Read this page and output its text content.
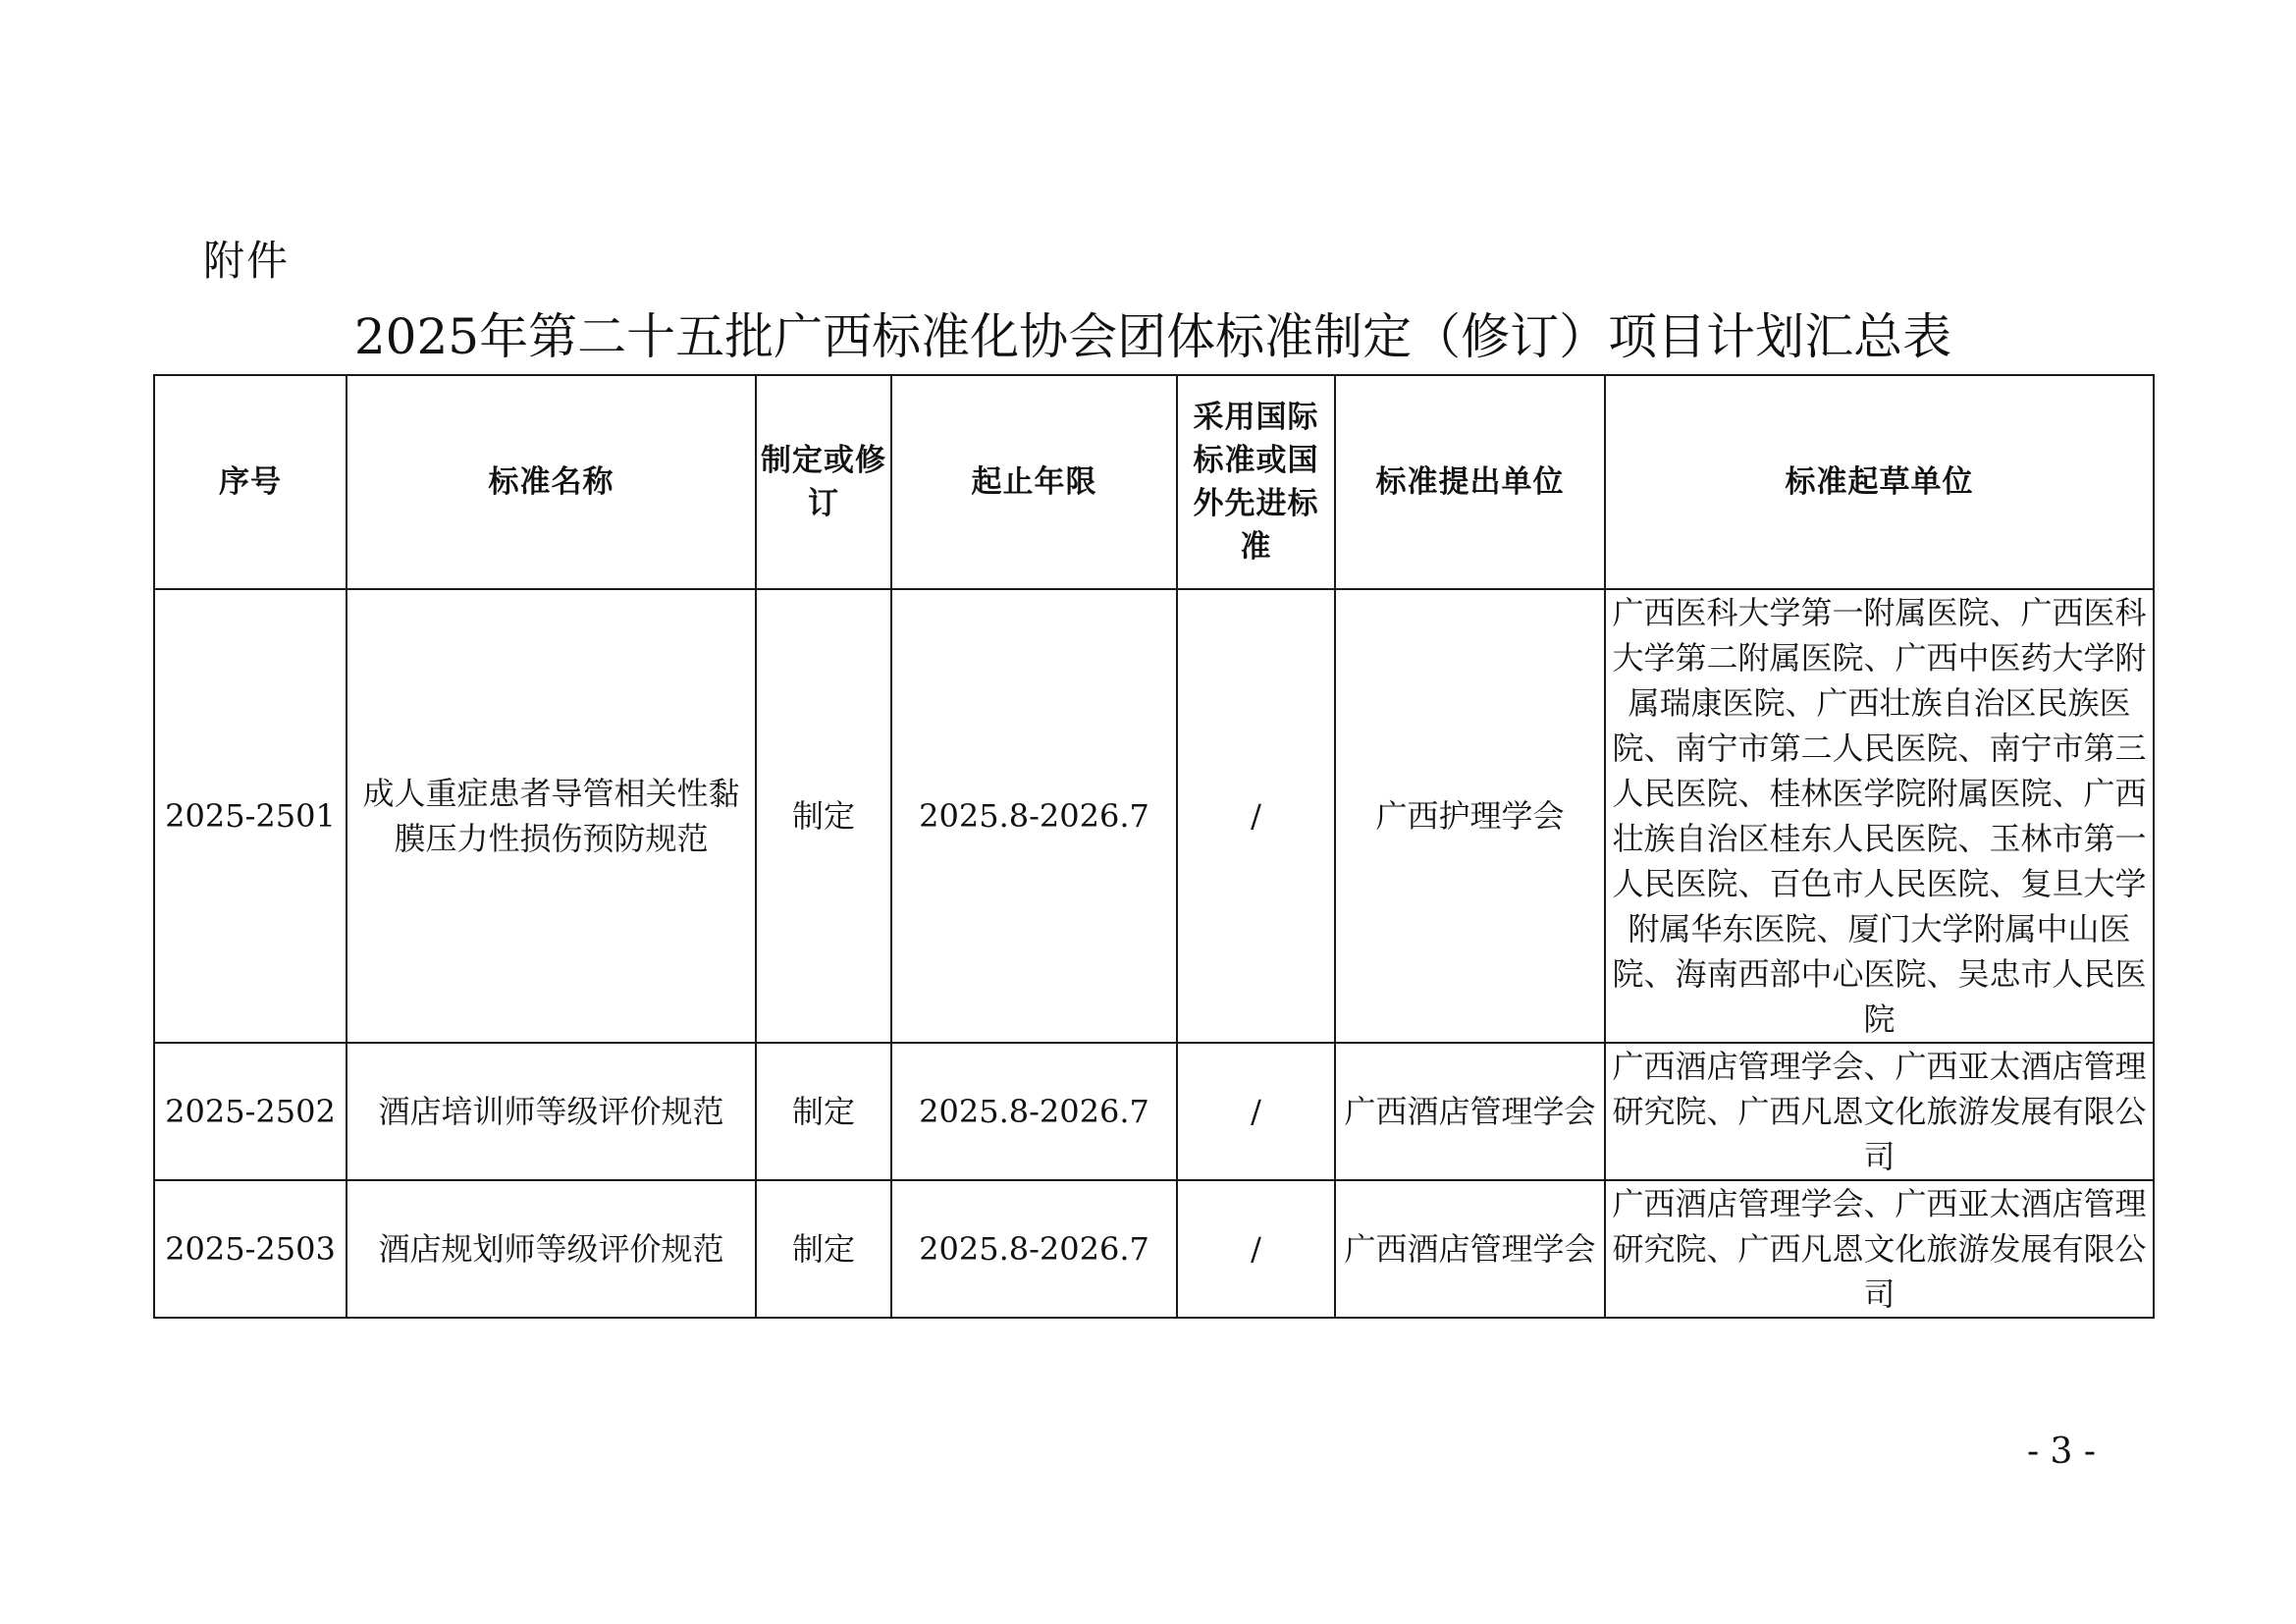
附件
2025年第二十五批广西标准化协会团体标准制定（修订）项目计划汇总表
序号	标准名称	制定或修订	起止年限	采用国际标准或国外先进标准	标准提出单位	标准起草单位
2025-2501	成人重症患者导管相关性黏膜压力性损伤预防规范	制定	2025.8-2026.7	/	广西护理学会	广西医科大学第一附属医院、广西医科大学第二附属医院、广西中医药大学附属瑞康医院、广西壮族自治区民族医院、南宁市第二人民医院、南宁市第三人民医院、桂林医学院附属医院、广西壮族自治区桂东人民医院、玉林市第一人民医院、百色市人民医院、复旦大学附属华东医院、厦门大学附属中山医院、海南西部中心医院、吴忠市人民医院
2025-2502	酒店培训师等级评价规范	制定	2025.8-2026.7	/	广西酒店管理学会	广西酒店管理学会、广西亚太酒店管理研究院、广西凡恩文化旅游发展有限公司
2025-2503	酒店规划师等级评价规范	制定	2025.8-2026.7	/	广西酒店管理学会	广西酒店管理学会、广西亚太酒店管理研究院、广西凡恩文化旅游发展有限公司
- 3 -
